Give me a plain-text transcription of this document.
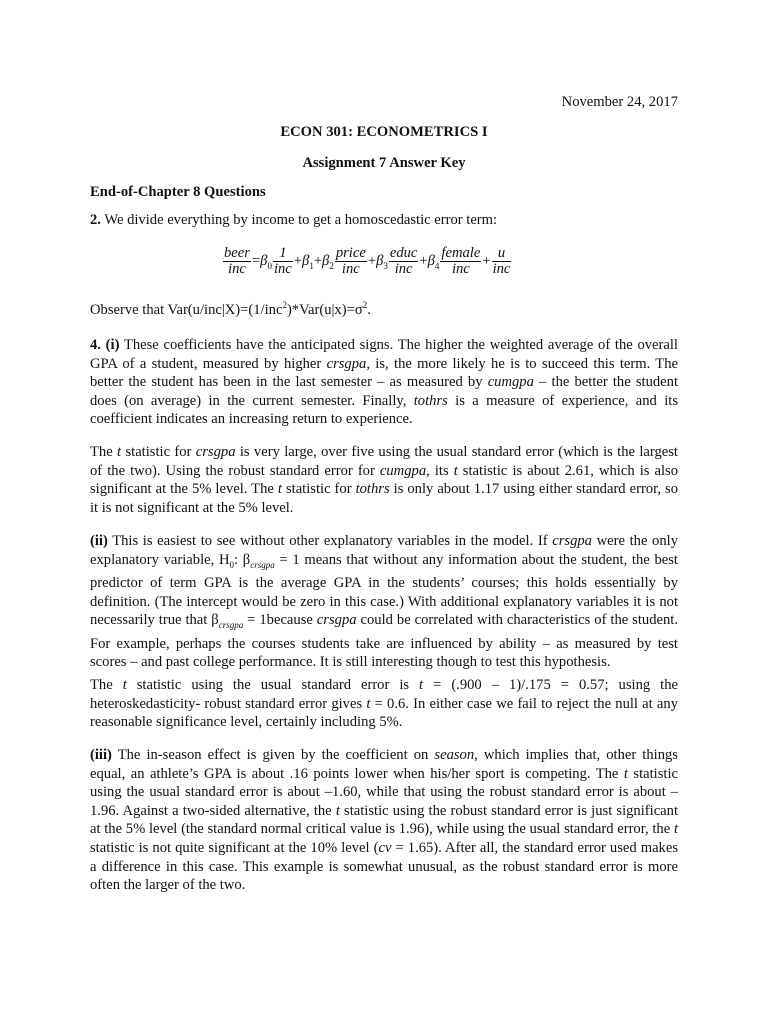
November 24, 2017
ECON 301: ECONOMETRICS I
Assignment 7 Answer Key
End-of-Chapter 8 Questions
2. We divide everything by income to get a homoscedastic error term:
$\frac{\text{beer}}{\text{inc}} =\beta_0 \frac{1}{\text{inc}} +\beta_1+\beta_2 \frac{\text{price}}{\text{inc}} +\beta_3 \frac{\text{educ}}{\text{inc}} +\beta_4 \frac{\text{female}}{\text{inc}} + \frac{u}{\text{inc}}$
Observe that $Var(u/inc|X)=(1/inc^2)*Var(u|x)=\sigma^2$.

4. (i) These coefficients have the anticipated signs. The higher the weighted average of the overall GPA of a student, measured by higher crsgpa, is, the more likely he is to succeed this term. The better the student has been in the last semester – as measured by cumgpa – the better the student does (on average) in the current semester. Finally, tothrs is a measure of experience, and its coefficient indicates an increasing return to experience.

The t statistic for crsgpa is very large, over five using the usual standard error (which is the largest of the two). Using the robust standard error for cumgpa, its t statistic is about 2.61, which is also significant at the 5% level. The t statistic for tothrs is only about 1.17 using either standard error, so it is not significant at the 5% level.

(ii) This is easiest to see without other explanatory variables in the model. If crsgpa were the only explanatory variable, $H_0$: $\beta_{crsgpa} = 1$ means that without any information about the student, the best predictor of term GPA is the average GPA in the students’ courses; this holds essentially by definition. (The intercept would be zero in this case.) With additional explanatory variables it is not necessarily true that $\beta_{crsgpa}$ = 1because crsgpa could be correlated with characteristics of the student. For example, perhaps the courses students take are influenced by ability – as measured by test scores – and past college performance. It is still interesting though to test this hypothesis.

The t statistic using the usual standard error is t = (.900 – 1)/.175 = 0.57; using the heteroskedasticity- robust standard error gives t = 0.6. In either case we fail to reject the null at any reasonable significance level, certainly including 5%.

(iii) The in-season effect is given by the coefficient on season, which implies that, other things equal, an athlete’s GPA is about .16 points lower when his/her sport is competing. The t statistic using the usual standard error is about –1.60, while that using the robust standard error is about –1.96. Against a two-sided alternative, the t statistic using the robust standard error is just significant at the 5% level (the standard normal critical value is 1.96), while using the usual standard error, the t statistic is not quite significant at the 10% level (cv = 1.65). After all, the standard error used makes a difference in this case. This example is somewhat unusual, as the robust standard error is more often the larger of the two.
